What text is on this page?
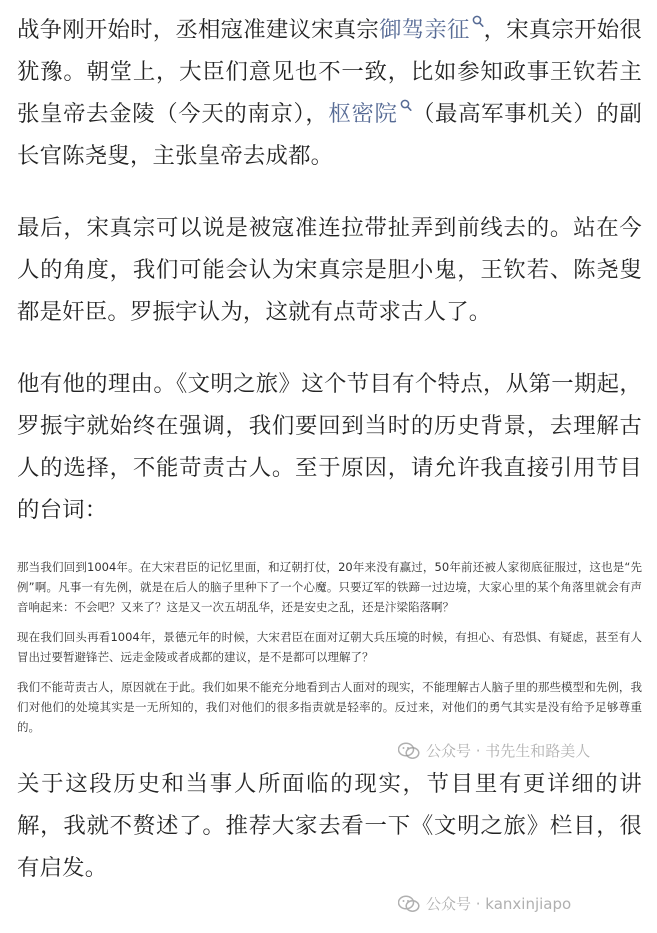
战争刚开始时，丞相寇准建议宋真宗御驾亲征 ，宋真宗开始很犹豫。朝堂上，大臣们意见也不一致，比如参知政事王钦若主张皇帝去金陵（今天的南京），枢密院 （最高军事机关）的副长官陈尧叟，主张皇帝去成都。

最后，宋真宗可以说是被寇准连拉带扯弄到前线去的。站在今人的角度，我们可能会认为宋真宗是胆小鬼，王钦若、陈尧叟都是奸臣。罗振宇认为，这就有点苛求古人了。

他有他的理由。《文明之旅》这个节目有个特点，从第一期起，罗振宇就始终在强调，我们要回到当时的历史背景，去理解古人的选择，不能苛责古人。至于原因，请允许我直接引用节目的台词：

那当我们回到1004年。在大宋君臣的记忆里面，和辽朝打仗，20年来没有赢过，50年前还被人家彻底征服过，这也是“先例”啊。凡事一有先例，就是在后人的脑子里种下了一个心魔。只要辽军的铁蹄一过边境，大家心里的某个角落里就会有声音响起来：不会吧？又来了？这是又一次五胡乱华，还是安史之乱，还是汴梁陷落啊？

现在我们回头再看1004年，景德元年的时候，大宋君臣在面对辽朝大兵压境的时候，有担心、有恐惧、有疑虑，甚至有人冒出过要暂避锋芒、远走金陵或者成都的建议，是不是都可以理解了？

我们不能苛责古人，原因就在于此。我们如果不能充分地看到古人面对的现实，不能理解古人脑子里的那些模型和先例，我们对他们的处境其实是一无所知的，我们对他们的很多指责就是轻率的。反过来，对他们的勇气其实是没有给予足够尊重的。

关于这段历史和当事人所面临的现实，节目里有更详细的讲解，我就不赘述了。推荐大家去看一下《文明之旅》栏目，很有启发。

公众号 · 书先生和路美人
公众号 · kanxinjiapo
